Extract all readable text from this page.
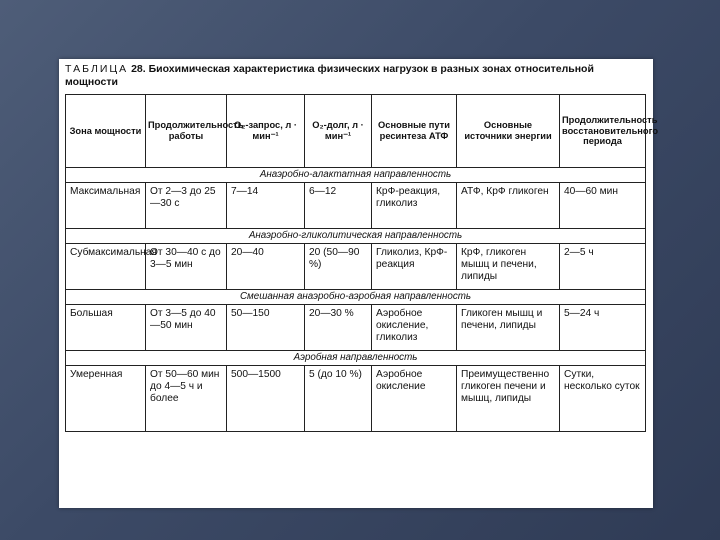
ТАБЛИЦА 28. Биохимическая характеристика физических нагрузок в разных зонах относительной мощности
Зона мощности	Продолжительность работы	O₂-запрос, л · мин⁻¹	O₂-долг, л · мин⁻¹	Основные пути ресинтеза АТФ	Основные источники энергии	Продолжительность восстановительного периода
Анаэробно-алактатная направленность						
Максимальная	От 2—3 до 25—30 с	7—14	6—12	КрФ-реакция, гликолиз	АТФ, КрФ гликоген	40—60 мин
Анаэробно-гликолитическая направленность						
Субмаксимальная	От 30—40 с до 3—5 мин	20—40	20 (50—90 %)	Гликолиз, КрФ-реакция	КрФ, гликоген мышц и печени, липиды	2—5 ч
Смешанная анаэробно-аэробная направленность						
Большая	От 3—5 до 40—50 мин	50—150	20—30 %	Аэробное окисление, гликолиз	Гликоген мышц и печени, липиды	5—24 ч
Аэробная направленность						
Умеренная	От 50—60 мин до 4—5 ч и более	500—1500	5 (до 10 %)	Аэробное окисление	Преимущественно гликоген печени и мышц, липиды	Сутки, несколько суток
